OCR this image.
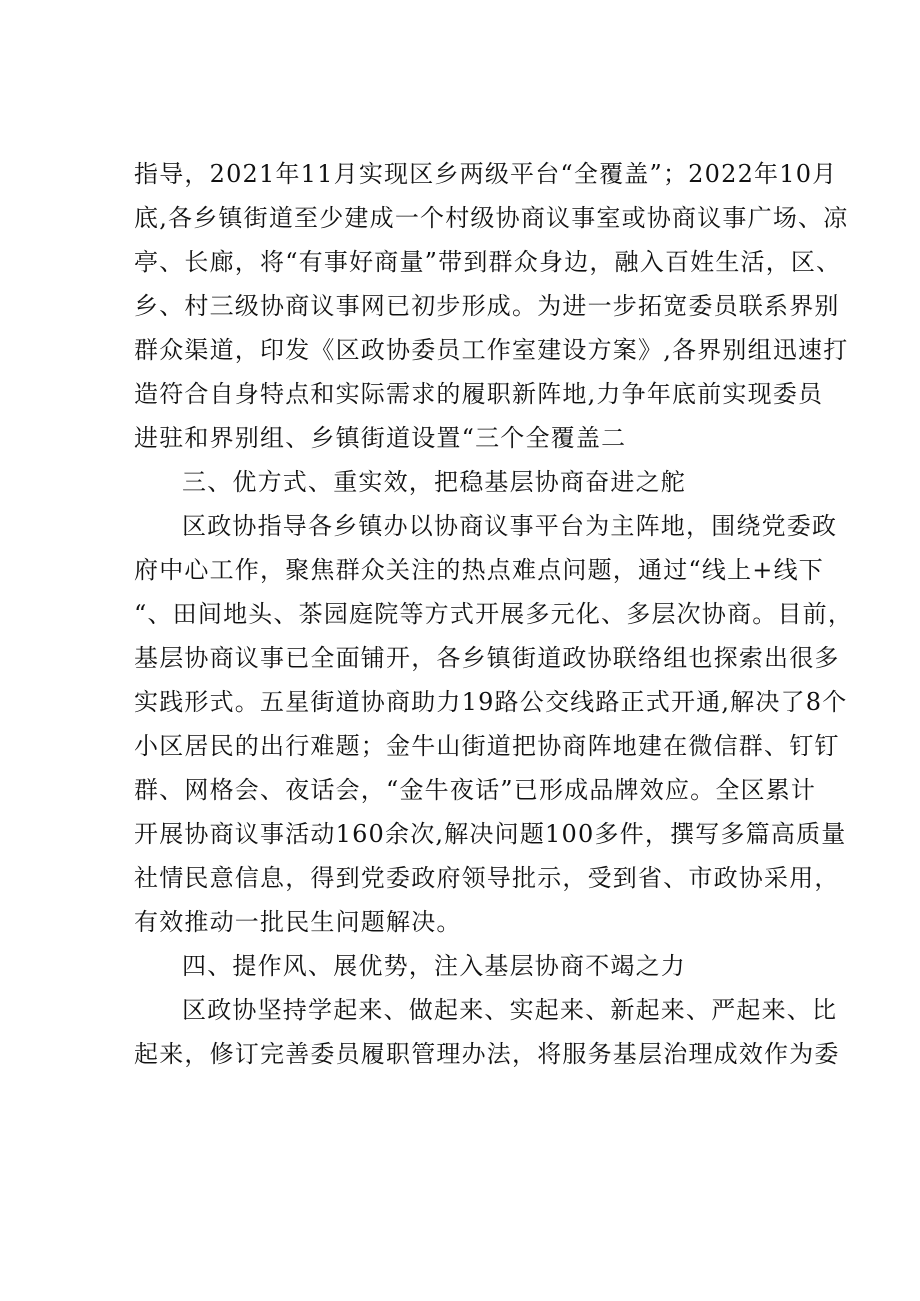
指导，2021年11月实现区乡两级平台“全覆盖”；2022年10月
底,各乡镇街道至少建成一个村级协商议事室或协商议事广场、凉
亭、长廊，将“有事好商量”带到群众身边，融入百姓生活，区、
乡、村三级协商议事网已初步形成。为进一步拓宽委员联系界别
群众渠道，印发《区政协委员工作室建设方案》,各界别组迅速打
造符合自身特点和实际需求的履职新阵地,力争年底前实现委员
进驻和界别组、乡镇街道设置“三个全覆盖二
三、优方式、重实效，把稳基层协商奋进之舵
区政协指导各乡镇办以协商议事平台为主阵地，围绕党委政
府中心工作，聚焦群众关注的热点难点问题，通过“线上+线下
“、田间地头、茶园庭院等方式开展多元化、多层次协商。目前，
基层协商议事已全面铺开，各乡镇街道政协联络组也探索出很多
实践形式。五星街道协商助力19路公交线路正式开通,解决了8个
小区居民的出行难题；金牛山街道把协商阵地建在微信群、钉钉
群、网格会、夜话会，“金牛夜话”已形成品牌效应。全区累计
开展协商议事活动160余次,解决问题100多件，撰写多篇高质量
社情民意信息，得到党委政府领导批示，受到省、市政协采用，
有效推动一批民生问题解决。
四、提作风、展优势，注入基层协商不竭之力
区政协坚持学起来、做起来、实起来、新起来、严起来、比
起来，修订完善委员履职管理办法，将服务基层治理成效作为委
